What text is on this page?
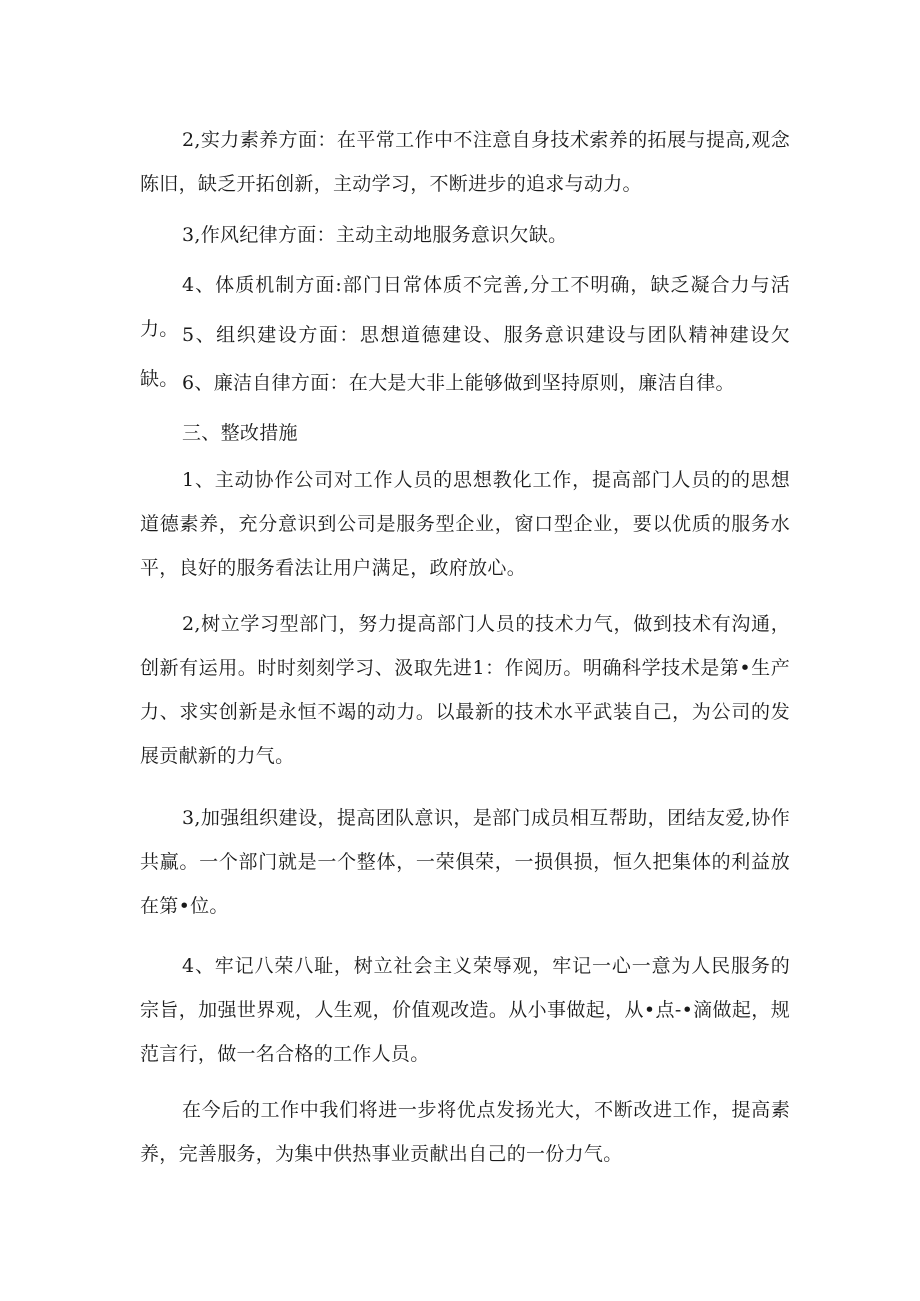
2,实力素养方面：在平常工作中不注意自身技术索养的拓展与提高,观念陈旧，缺乏开拓创新，主动学习，不断进步的追求与动力。

3,作风纪律方面：主动主动地服务意识欠缺。

4、体质机制方面:部门日常体质不完善,分工不明确，缺乏凝合力与活力。 5、组织建设方面：思想道德建设、服务意识建设与团队精神建设欠缺。 6、廉洁自律方面：在大是大非上能够做到坚持原则，廉洁自律。

三、整改措施

1、主动协作公司对工作人员的思想教化工作，提高部门人员的的思想道德素养，充分意识到公司是服务型企业，窗口型企业，要以优质的服务水平，良好的服务看法让用户满足，政府放心。

2,树立学习型部门，努力提高部门人员的技术力气，做到技术有沟通，创新有运用。时时刻刻学习、汲取先进1：作阅历。明确科学技术是第•生产力、求实创新是永恒不竭的动力。以最新的技术水平武装自己，为公司的发展贡献新的力气。

3,加强组织建设，提高团队意识，是部门成员相互帮助，团结友爱,协作共赢。一个部门就是一个整体，一荣俱荣，一损俱损，恒久把集体的利益放在第•位。

4、牢记八荣八耻，树立社会主义荣辱观，牢记一心一意为人民服务的宗旨，加强世界观，人生观，价值观改造。从小事做起，从•点-•滴做起，规范言行，做一名合格的工作人员。

在今后的工作中我们将进一步将优点发扬光大，不断改进工作，提高素养，完善服务，为集中供热事业贡献出自己的一份力气。
